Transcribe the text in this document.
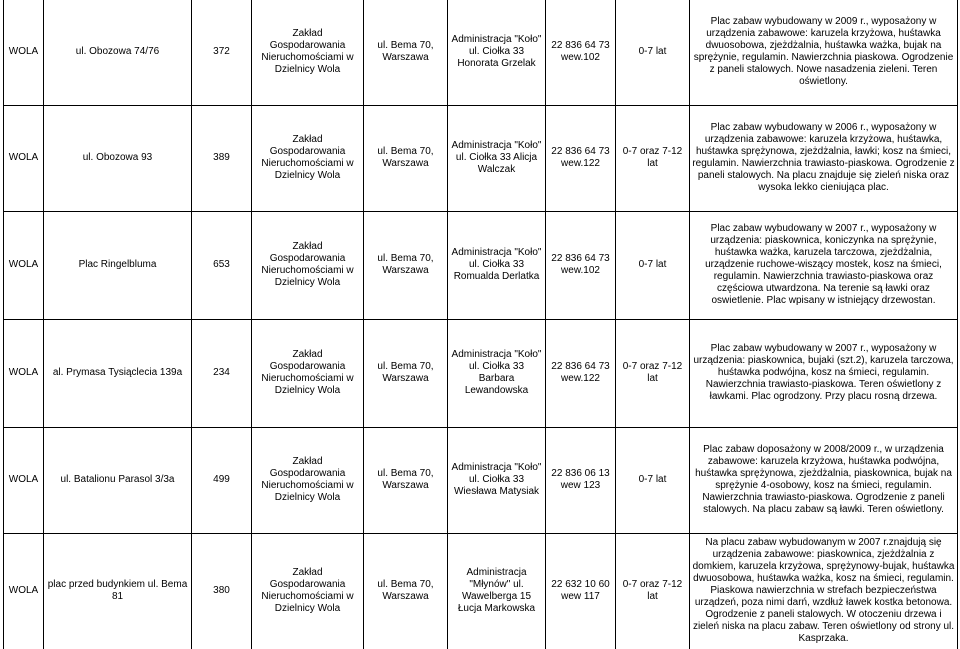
WOLA	ul. Obozowa 74/76	372	Zakład Gospodarowania Nieruchomościami w Dzielnicy Wola	ul. Bema 70, Warszawa	Administracja "Koło" ul. Ciołka 33 Honorata Grzelak	22 836 64 73 wew.102	0-7 lat	Plac zabaw wybudowany w 2009 r., wyposażony w urządzenia zabawowe: karuzela krzyżowa, huśtawka dwuosobowa, zjeżdżalnia, huśtawka ważka, bujak na sprężynie, regulamin. Nawierzchnia piaskowa. Ogrodzenie z paneli stalowych. Nowe nasadzenia zieleni. Teren oświetlony.
WOLA	ul. Obozowa 93	389	Zakład Gospodarowania Nieruchomościami w Dzielnicy Wola	ul. Bema 70, Warszawa	Administracja "Koło" ul. Ciołka 33 Alicja Walczak	22 836 64 73 wew.122	0-7 oraz 7-12 lat	Plac zabaw wybudowany w 2006 r., wyposażony w urządzenia zabawowe: karuzela krzyżowa, huśtawka, huśtawka sprężynowa, zjeżdżalnia, ławki; kosz na śmieci, regulamin. Nawierzchnia trawiasto-piaskowa. Ogrodzenie z paneli stalowych. Na placu znajduje się zieleń niska oraz wysoka lekko cieniująca plac.
WOLA	Plac Ringelbluma	653	Zakład Gospodarowania Nieruchomościami w Dzielnicy Wola	ul. Bema 70, Warszawa	Administracja "Koło" ul. Ciołka 33 Romualda Derlatka	22 836 64 73 wew.102	0-7 lat	Plac zabaw wybudowany w 2007 r., wyposażony w urządzenia: piaskownica, koniczynka na sprężynie, huśtawka ważka, karuzela tarczowa, zjeżdżalnia, urządzenie ruchowe-wiszący mostek, kosz na śmieci, regulamin. Nawierzchnia trawiasto-piaskowa oraz częściowa utwardzona. Na terenie są ławki oraz oswietlenie. Plac wpisany w istniejący drzewostan.
WOLA	al. Prymasa Tysiąclecia 139a	234	Zakład Gospodarowania Nieruchomościami w Dzielnicy Wola	ul. Bema 70, Warszawa	Administracja "Koło" ul. Ciołka 33 Barbara Lewandowska	22 836 64 73 wew.122	0-7 oraz 7-12 lat	Plac zabaw wybudowany w 2007 r., wyposażony w urządzenia: piaskownica, bujaki (szt.2), karuzela tarczowa, huśtawka podwójna, kosz na śmieci, regulamin. Nawierzchnia trawiasto-piaskowa. Teren oświetlony z ławkami. Plac ogrodzony. Przy placu rosną drzewa.
WOLA	ul. Batalionu Parasol 3/3a	499	Zakład Gospodarowania Nieruchomościami w Dzielnicy Wola	ul. Bema 70, Warszawa	Administracja "Koło" ul. Ciołka 33 Wiesława Matysiak	22 836 06 13 wew 123	0-7 lat	Plac zabaw doposażony w 2008/2009 r., w urządzenia zabawowe: karuzela krzyżowa, huśtawka podwójna, huśtawka sprężynowa, zjeżdżalnia, piaskownica, bujak na sprężynie 4-osobowy, kosz na śmieci, regulamin. Nawierzchnia trawiasto-piaskowa. Ogrodzenie z paneli stalowych. Na placu zabaw są ławki. Teren oświetlony.
WOLA	plac przed budynkiem ul. Bema 81	380	Zakład Gospodarowania Nieruchomościami w Dzielnicy Wola	ul. Bema 70, Warszawa	Administracja "Młynów" ul. Wawelberga 15 Łucja Markowska	22 632 10 60 wew 117	0-7 oraz 7-12 lat	Na placu zabaw wybudowanym w 2007 r.znajdują się urządzenia zabawowe: piaskownica, zjeżdżalnia z domkiem, karuzela krzyżowa, sprężynowy-bujak, huśtawka dwuosobowa, huśtawka ważka, kosz na śmieci, regulamin. Piaskowa nawierzchnia w strefach bezpieczeństwa urządzeń, poza nimi darń, wzdłuż ławek kostka betonowa. Ogrodzenie z paneli stalowych. W otoczeniu drzewa i zieleń niska na placu zabaw. Teren oświetlony od strony ul. Kasprzaka.
